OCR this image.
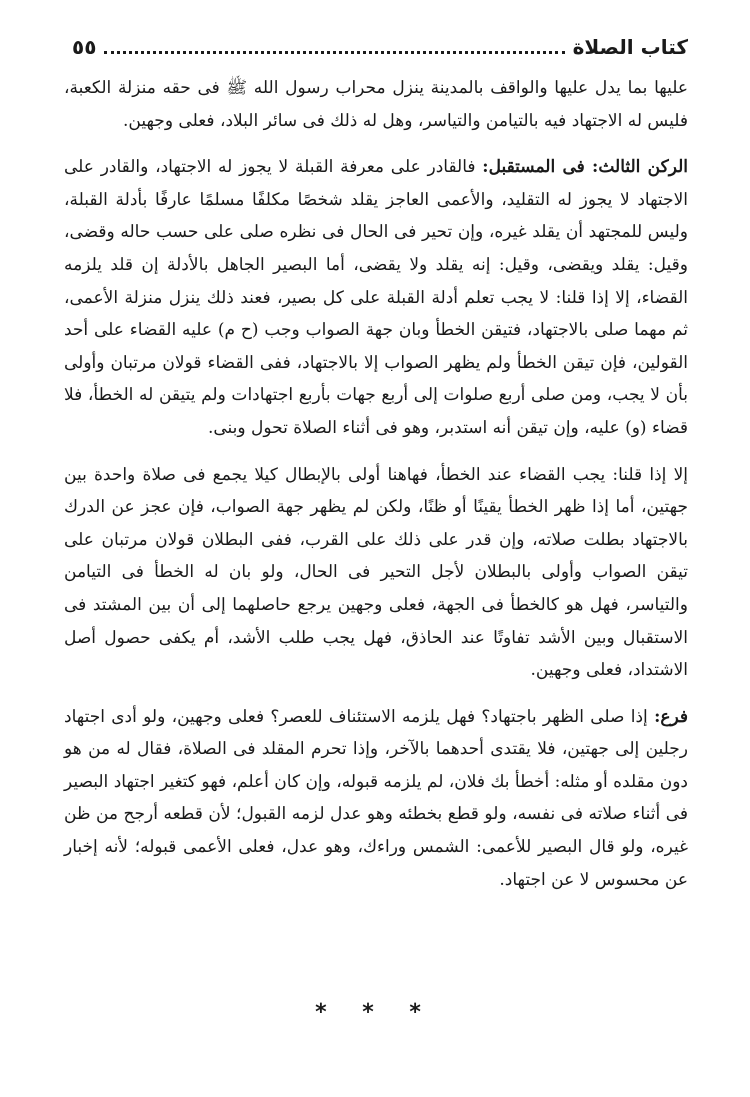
كتاب الصلاة
٥٥

عليها بما يدل عليها والواقف بالمدينة ينزل محراب رسول الله ﷺ فى حقه منزلة الكعبة، فليس له الاجتهاد فيه بالتيامن والتياسر، وهل له ذلك فى سائر البلاد، فعلى وجهين.

الركن الثالث: فى المستقبل: فالقادر على معرفة القبلة لا يجوز له الاجتهاد، والقادر على الاجتهاد لا يجوز له التقليد، والأعمى العاجز يقلد شخصًا مكلفًا مسلمًا عارفًا بأدلة القبلة، وليس للمجتهد أن يقلد غيره، وإن تحير فى الحال فى نظره صلى على حسب حاله وقضى، وقيل: يقلد ويقضى، وقيل: إنه يقلد ولا يقضى، أما البصير الجاهل بالأدلة إن قلد يلزمه القضاء، إلا إذا قلنا: لا يجب تعلم أدلة القبلة على كل بصير، فعند ذلك ينزل منزلة الأعمى، ثم مهما صلى بالاجتهاد، فتيقن الخطأ وبان جهة الصواب وجب (ح م) عليه القضاء على أحد القولين، فإن تيقن الخطأ ولم يظهر الصواب إلا بالاجتهاد، ففى القضاء قولان مرتبان وأولى بأن لا يجب، ومن صلى أربع صلوات إلى أربع جهات بأربع اجتهادات ولم يتيقن له الخطأ، فلا قضاء (و) عليه، وإن تيقن أنه استدبر، وهو فى أثناء الصلاة تحول وبنى.

إلا إذا قلنا: يجب القضاء عند الخطأ، فهاهنا أولى بالإبطال كيلا يجمع فى صلاة واحدة بين جهتين، أما إذا ظهر الخطأ يقينًا أو ظنًا، ولكن لم يظهر جهة الصواب، فإن عجز عن الدرك بالاجتهاد بطلت صلاته، وإن قدر على ذلك على القرب، ففى البطلان قولان مرتبان على تيقن الصواب وأولى بالبطلان لأجل التحير فى الحال، ولو بان له الخطأ فى التيامن والتياسر، فهل هو كالخطأ فى الجهة، فعلى وجهين يرجع حاصلهما إلى أن بين المشتد فى الاستقبال وبين الأشد تفاوتًا عند الحاذق، فهل يجب طلب الأشد، أم يكفى حصول أصل الاشتداد، فعلى وجهين.

فرع: إذا صلى الظهر باجتهاد؟ فهل يلزمه الاستئناف للعصر؟ فعلى وجهين، ولو أدى اجتهاد رجلين إلى جهتين، فلا يقتدى أحدهما بالآخر، وإذا تحرم المقلد فى الصلاة، فقال له من هو دون مقلده أو مثله: أخطأ بك فلان، لم يلزمه قبوله، وإن كان أعلم، فهو كتغير اجتهاد البصير فى أثناء صلاته فى نفسه، ولو قطع بخطئه وهو عدل لزمه القبول؛ لأن قطعه أرجح من ظن غيره، ولو قال البصير للأعمى: الشمس وراءك، وهو عدل، فعلى الأعمى قبوله؛ لأنه إخبار عن محسوس لا عن اجتهاد.

* * *
